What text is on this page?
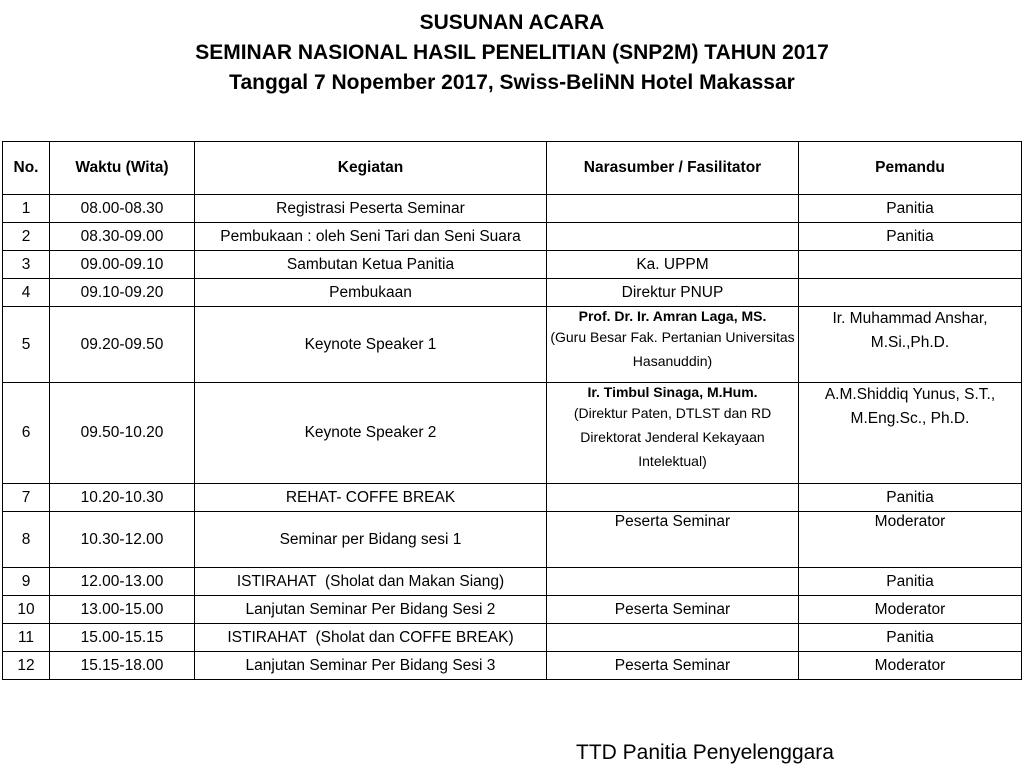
SUSUNAN ACARA
SEMINAR NASIONAL HASIL PENELITIAN (SNP2M) TAHUN 2017
Tanggal 7 Nopember 2017, Swiss-BeliNN Hotel Makassar
No.	Waktu (Wita)	Kegiatan	Narasumber / Fasilitator	Pemandu
1	08.00-08.30	Registrasi Peserta Seminar		Panitia
2	08.30-09.00	Pembukaan : oleh Seni Tari dan Seni Suara		Panitia
3	09.00-09.10	Sambutan Ketua Panitia	Ka. UPPM	
4	09.10-09.20	Pembukaan	Direktur PNUP	
5	09.20-09.50	Keynote Speaker 1	Prof. Dr. Ir. Amran Laga, MS.
(Guru Besar Fak. Pertanian Universitas Hasanuddin)	Ir. Muhammad Anshar, M.Si.,Ph.D.
6	09.50-10.20	Keynote Speaker 2	Ir. Timbul Sinaga, M.Hum.
(Direktur Paten, DTLST dan RD Direktorat Jenderal Kekayaan Intelektual)	A.M.Shiddiq Yunus, S.T., M.Eng.Sc., Ph.D.
7	10.20-10.30	REHAT- COFFE BREAK		Panitia
8	10.30-12.00	Seminar per Bidang sesi 1	Peserta Seminar	Moderator
9	12.00-13.00	ISTIRAHAT  (Sholat dan Makan Siang)		Panitia
10	13.00-15.00	Lanjutan Seminar Per Bidang Sesi 2	Peserta Seminar	Moderator
11	15.00-15.15	ISTIRAHAT  (Sholat dan COFFE BREAK)		Panitia
12	15.15-18.00	Lanjutan Seminar Per Bidang Sesi 3	Peserta Seminar	Moderator
TTD Panitia Penyelenggara
